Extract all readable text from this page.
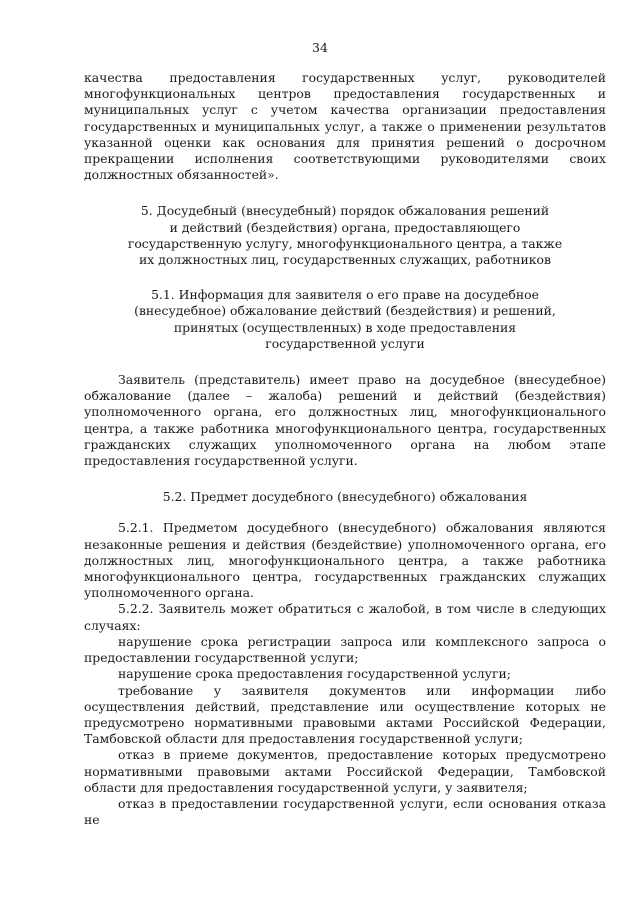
34

качества предоставления государственных услуг, руководителей многофункциональных центров предоставления государственных и муниципальных услуг с учетом качества организации предоставления государственных и муниципальных услуг, а также о применении результатов указанной оценки как основания для принятия решений о досрочном прекращении исполнения соответствующими руководителями своих должностных обязанностей».

5. Досудебный (внесудебный) порядок обжалования решений

и действий (бездействия) органа, предоставляющего

государственную услугу, многофункционального центра, а также

их должностных лиц, государственных служащих, работников

5.1. Информация для заявителя о его праве на досудебное

(внесудебное) обжалование действий (бездействия) и решений,

принятых (осуществленных) в ходе предоставления

государственной услуги

Заявитель (представитель) имеет право на досудебное (внесудебное) обжалование (далее – жалоба) решений и действий (бездействия) уполномоченного органа, его должностных лиц, многофункционального центра, а также работника многофункционального центра, государственных гражданских служащих уполномоченного органа на любом этапе предоставления государственной услуги.

5.2. Предмет досудебного (внесудебного) обжалования

5.2.1. Предметом досудебного (внесудебного) обжалования являются незаконные решения и действия (бездействие) уполномоченного органа, его должностных лиц, многофункционального центра, а также работника многофункционального центра, государственных гражданских служащих уполномоченного органа.

5.2.2. Заявитель может обратиться с жалобой, в том числе в следующих случаях:

нарушение срока регистрации запроса или комплексного запроса о предоставлении государственной услуги;

нарушение срока предоставления государственной услуги;

требование у заявителя документов или информации либо осуществления действий, представление или осуществление которых не предусмотрено нормативными правовыми актами Российской Федерации, Тамбовской области для предоставления государственной услуги;

отказ в приеме документов, предоставление которых предусмотрено нормативными правовыми актами Российской Федерации, Тамбовской области для предоставления государственной услуги, у заявителя;

отказ в предоставлении государственной услуги, если основания отказа не
